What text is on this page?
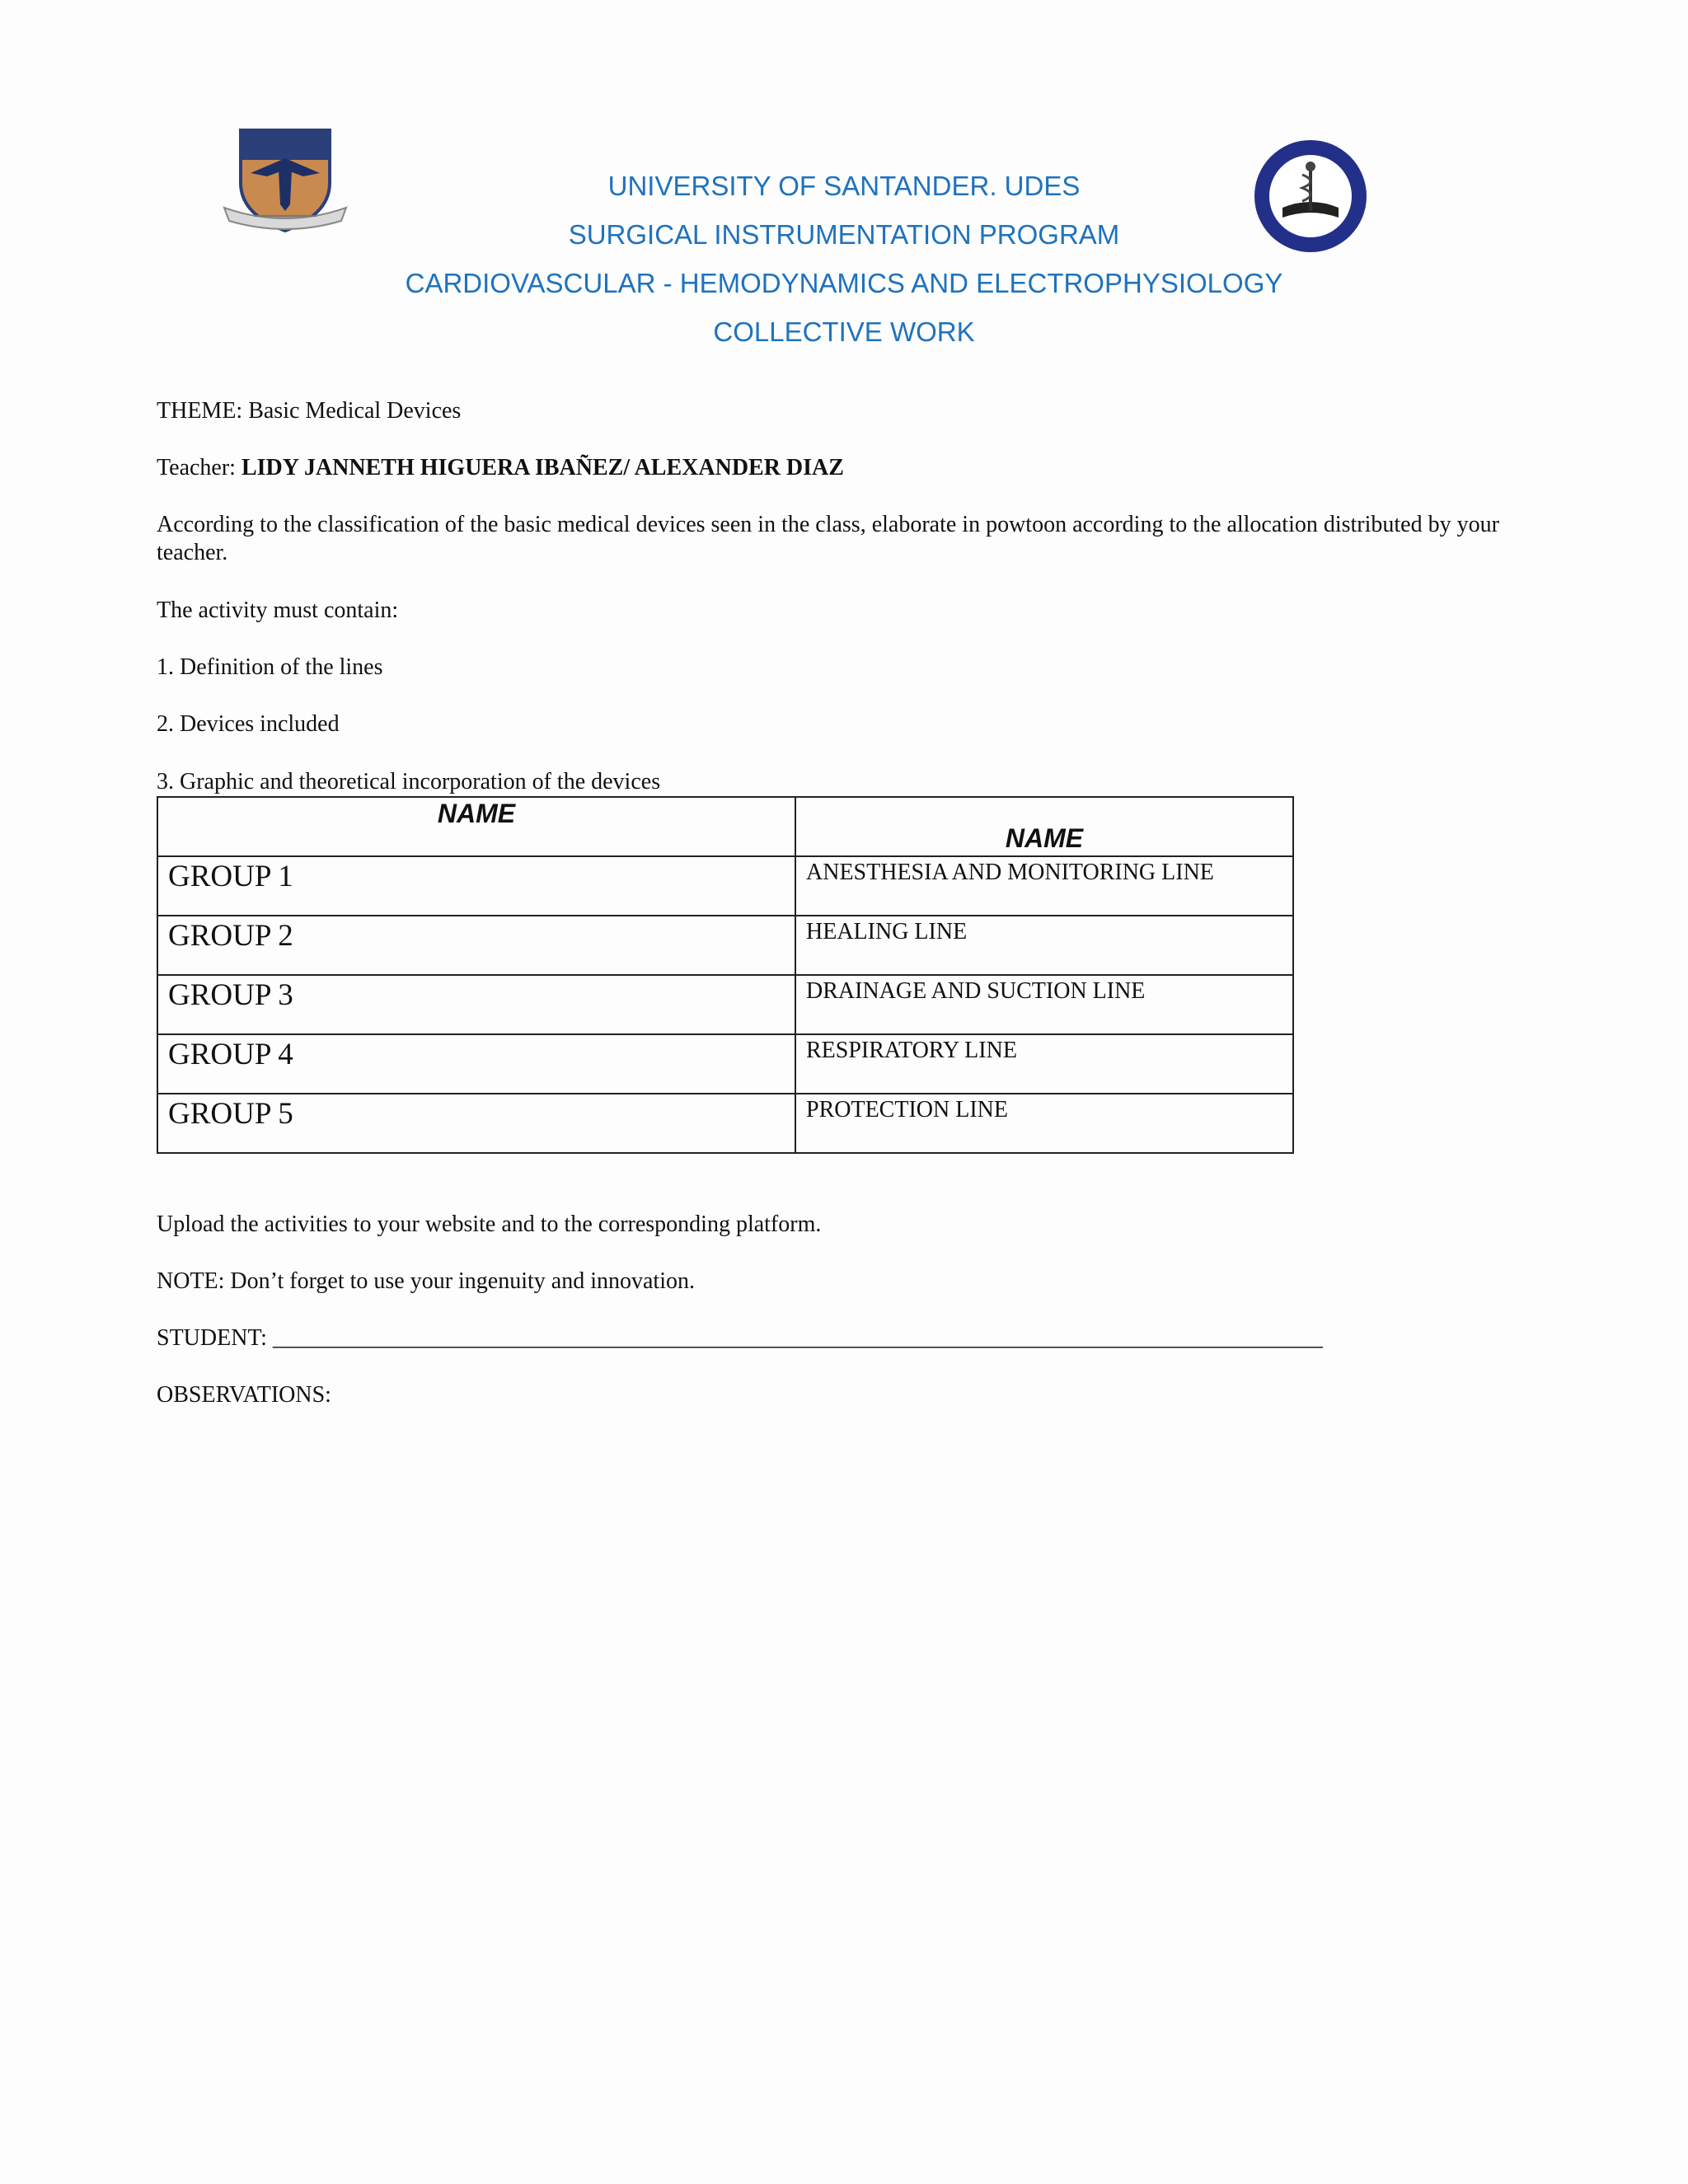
UNIVERSITY OF SANTANDER. UDES
SURGICAL INSTRUMENTATION PROGRAM
CARDIOVASCULAR - HEMODYNAMICS AND ELECTROPHYSIOLOGY
COLLECTIVE WORK
THEME: Basic Medical Devices
Teacher: LIDY JANNETH HIGUERA IBAÑEZ/ ALEXANDER DIAZ
According to the classification of the basic medical devices seen in the class, elaborate in powtoon according to the allocation distributed by your teacher.
The activity must contain:
1. Definition of the lines
2. Devices included
3. Graphic and theoretical incorporation of the devices
NAME	NAME

GROUP 1	ANESTHESIA AND MONITORING LINE

GROUP 2	HEALING LINE

GROUP 3	DRAINAGE AND SUCTION LINE

GROUP 4	RESPIRATORY LINE

GROUP 5	PROTECTION LINE
Upload the activities to your website and to the corresponding platform.
NOTE: Don’t forget to use your ingenuity and innovation.
STUDENT: ___________________________________________________________________________________________
OBSERVATIONS:
